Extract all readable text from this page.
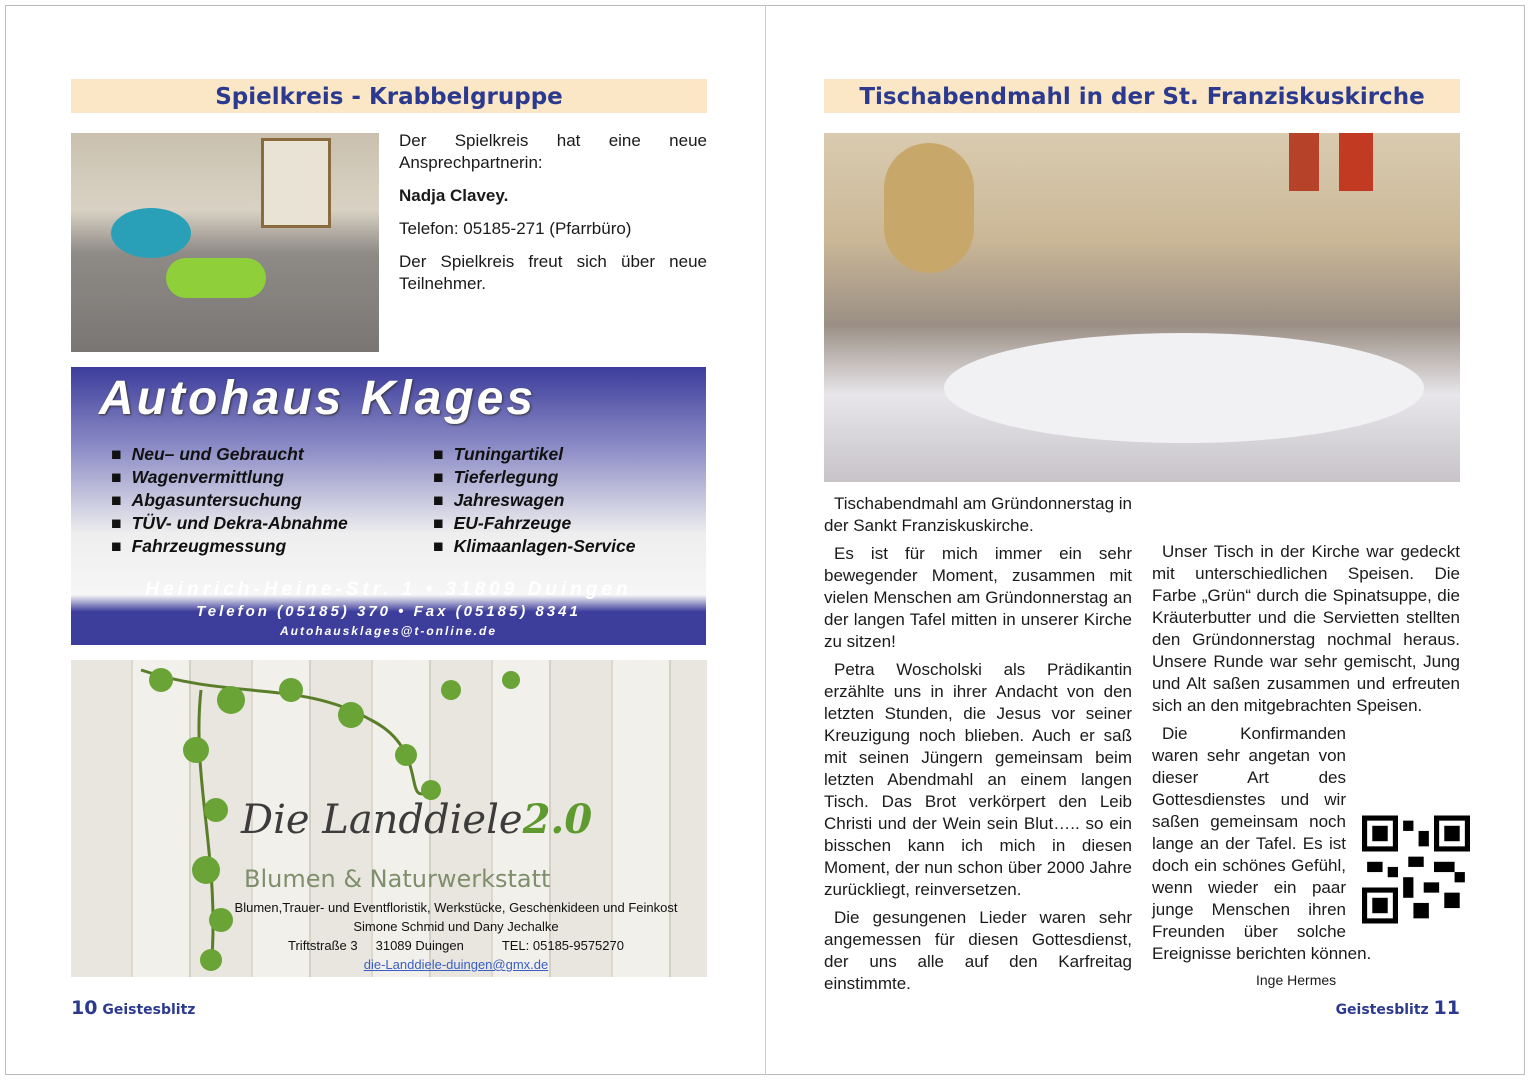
Spielkreis - Krabbelgruppe

Der Spielkreis hat eine neue Ansprechpartnerin:

Nadja Clavey.

Telefon: 05185-271 (Pfarrbüro)

Der Spielkreis freut sich über neue Teilnehmer.

Autohaus Klages
■ Neu– und Gebraucht
■ Wagenvermittlung
■ Abgasuntersuchung
■ TÜV- und Dekra-Abnahme
■ Fahrzeugmessung
■ Tuningartikel
■ Tieferlegung
■ Jahreswagen
■ EU-Fahrzeuge
■ Klimaanlagen-Service
Heinrich-Heine-Str. 1 • 31809 Duingen
Telefon (05185) 370 • Fax (05185) 8341
Autohausklages@t-online.de
Die Landdiele2.0
Blumen & Naturwerkstatt
Blumen,Trauer- und Eventfloristik, Werkstücke, Geschenkideen und Feinkost
Simone Schmid und Dany Jechalke
Triftstraße 3 31089 Duingen	TEL: 05185-9575270
die-Landdiele-duingen@gmx.de
10 Geistesblitz
Tischabendmahl in der St. Franziskuskirche

Tischabendmahl am Gründonnerstag in der Sankt Franziskuskirche.

Es ist für mich immer ein sehr bewegender Moment, zusammen mit vielen Menschen am Gründonnerstag an der langen Tafel mitten in unserer Kirche zu sitzen!

Petra Woscholski als Prädikantin erzählte uns in ihrer Andacht von den letzten Stunden, die Jesus vor seiner Kreuzigung noch blieben. Auch er saß mit seinen Jüngern gemeinsam beim letzten Abendmahl an einem langen Tisch. Das Brot verkörpert den Leib Christi und der Wein sein Blut….. so ein bisschen kann ich mich in diesen Moment, der nun schon über 2000 Jahre zurückliegt, reinversetzen.

Die gesungenen Lieder waren sehr angemessen für diesen Gottesdienst, der uns alle auf den Karfreitag einstimmte.

Unser Tisch in der Kirche war gedeckt mit unterschiedlichen Speisen. Die Farbe „Grün“ durch die Spinatsuppe, die Kräuterbutter und die Servietten stellten den Gründonnerstag nochmal heraus. Unsere Runde war sehr gemischt, Jung und Alt saßen zusammen und erfreuten sich an den mitgebrachten Speisen.

Die Konfirmanden waren sehr angetan von dieser Art des Gottesdienstes und wir saßen gemeinsam noch lange an der Tafel. Es ist doch ein schönes Gefühl, wenn wieder ein paar junge Menschen ihren Freunden über solche Ereignisse berichten können.

Inge Hermes
Geistesblitz 11
